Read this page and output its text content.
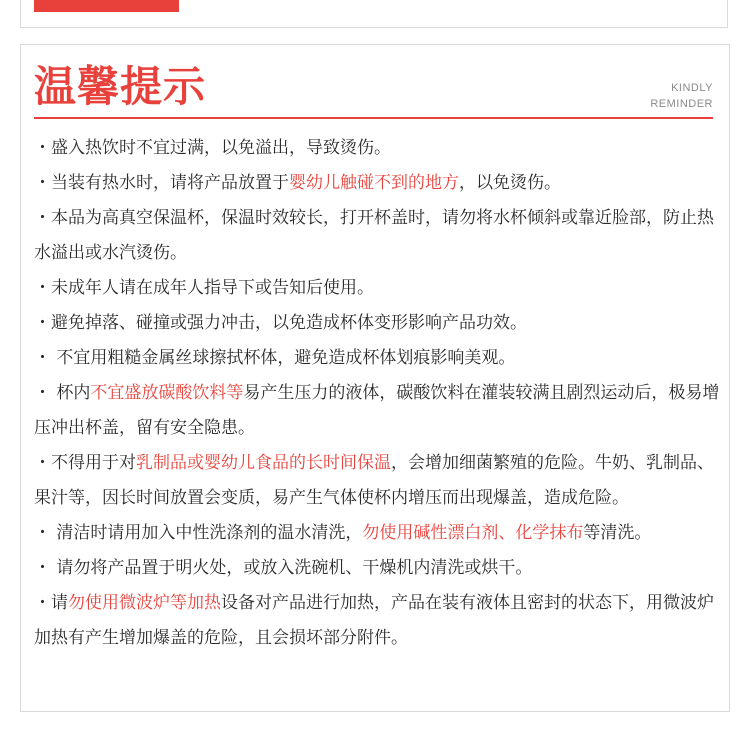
温馨提示	KINDLY
REMINDER
・盛入热饮时不宜过满，以免溢出，导致烫伤。
・当装有热水时，请将产品放置于婴幼儿触碰不到的地方，以免烫伤。
・本品为高真空保温杯，保温时效较长，打开杯盖时，请勿将水杯倾斜或靠近脸部，防止热水溢出或水汽烫伤。
・未成年人请在成年人指导下或告知后使用。
・避免掉落、碰撞或强力冲击，以免造成杯体变形影响产品功效。
・ 不宜用粗糙金属丝球擦拭杯体，避免造成杯体划痕影响美观。
・ 杯内不宜盛放碳酸饮料等易产生压力的液体，碳酸饮料在灌装较满且剧烈运动后，极易增压冲出杯盖，留有安全隐患。
・不得用于对乳制品或婴幼儿食品的长时间保温，会增加细菌繁殖的危险。牛奶、乳制品、果汁等，因长时间放置会变质，易产生气体使杯内增压而出现爆盖，造成危险。
・ 清洁时请用加入中性洗涤剂的温水清洗，勿使用碱性漂白剂、化学抹布等清洗。
・ 请勿将产品置于明火处，或放入洗碗机、干燥机内清洗或烘干。
・请勿使用微波炉等加热设备对产品进行加热，产品在装有液体且密封的状态下，用微波炉加热有产生增加爆盖的危险，且会损坏部分附件。
